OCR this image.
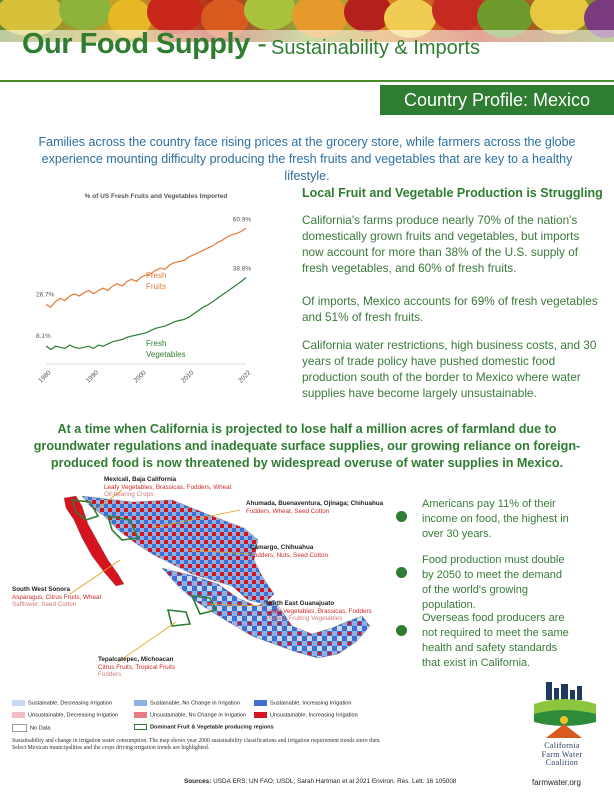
Our Food Supply - Sustainability & Imports
Country Profile: Mexico
Families across the country face rising prices at the grocery store, while farmers across the globe experience mounting difficulty producing the fresh fruits and vegetables that are key to a healthy lifestyle.
% of US Fresh Fruits and Vegetables Imported
1980	1990	2000	2010	2022
26.7%
60.9%
8.1%
38.8%
Fresh
Fruits
Fresh
Vegetables
Local Fruit and Vegetable Production is Struggling
California's farms produce nearly 70% of the nation's domestically grown fruits and vegetables, but imports now account for more than 38% of the U.S. supply of fresh vegetables, and 60% of fresh fruits.
Of imports, Mexico accounts for 69% of fresh vegetables and 51% of fresh fruits.
California water restrictions, high business costs, and 30 years of trade policy have pushed domestic food production south of the border to Mexico where water supplies have become largely unsustainable.
At a time when California is projected to lose half a million acres of farmland due to groundwater regulations and inadequate surface supplies, our growing reliance on foreign-produced food is now threatened by widespread overuse of water supplies in Mexico.
Mexicali, Baja California
Leafy Vegetables, Brassicas, Fodders, Wheat
Oil-bearing Crops
Ahumada, Buenaventura, Ojinaga; Chihuahua
Fodders, Wheat, Seed Cotton
Camargo, Chihuahua
Fodders, Nuts, Seed Cotton
South West Sonora
Asparagus, Citrus Fruits, Wheat
Safflower, Seed Cotton	North East Guanajuato
Leafy Vegetables, Brassicas, Fodders
Pulses, Fruiting Vegetables
Tepalcatepec, Michoacan
Citrus Fruits, Tropical Fruits
Fodders
Americans pay 11% of their income on food, the highest in over 30 years.
Food production must double by 2050 to meet the demand of the world's growing population.
Overseas food producers are not required to meet the same health and safety standards that exist in California.
Sustainable, Decreasing Irrigation	Sustainable, No Change in Irrigation	Sustainable, Increasing Irrigation
Unsustainable, Decreasing Irrigation	Unsustainable, No Change in Irrigation	Unsustainable, Increasing Irrigation
No Data	Dominant Fruit & Vegetable producing regions
Sustainability and change in irrigation water consumption. The map shows year 2000 sustainability classifications and irrigation requirement trends since then. Select Mexican municipalities and the crops driving irrigation trends are highlighted.
Sources: USDA ERS; UN FAO; USDL; Sarah Hartman et al 2021 Environ. Res. Lett. 16 105008
California
Farm Water
Coalition
farmwater.org
